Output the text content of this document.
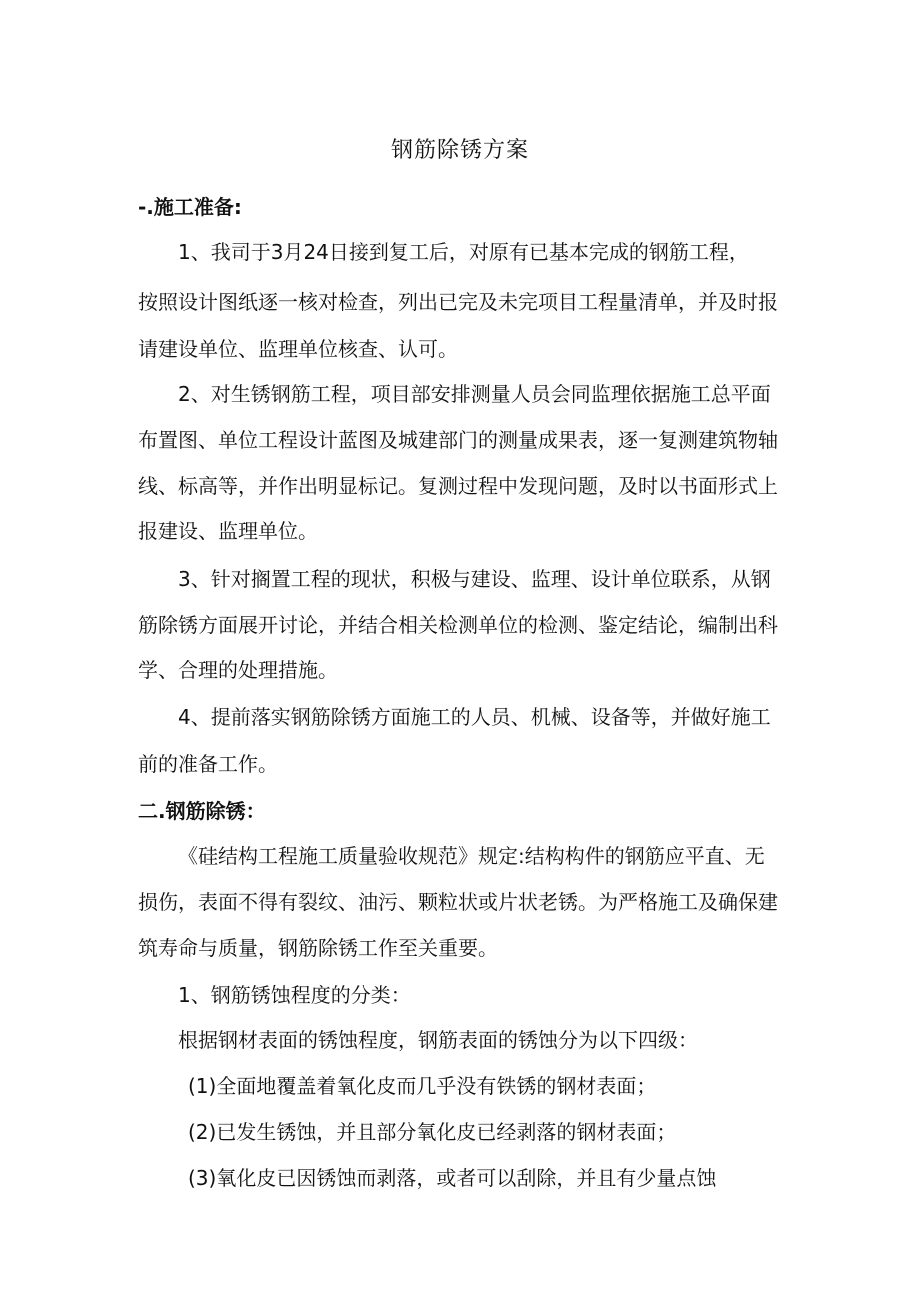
钢筋除锈方案
-.施工准备:
1、我司于3月24日接到复工后，对原有已基本完成的钢筋工程，
按照设计图纸逐一核对检查，列出已完及未完项目工程量清单，并及时报
请建设单位、监理单位核查、认可。
2、对生锈钢筋工程，项目部安排测量人员会同监理依据施工总平面
布置图、单位工程设计蓝图及城建部门的测量成果表，逐一复测建筑物轴
线、标高等，并作出明显标记。复测过程中发现问题，及时以书面形式上
报建设、监理单位。
3、针对搁置工程的现状，积极与建设、监理、设计单位联系，从钢
筋除锈方面展开讨论，并结合相关检测单位的检测、鉴定结论，编制出科
学、合理的处理措施。
4、提前落实钢筋除锈方面施工的人员、机械、设备等，并做好施工
前的准备工作。
二.钢筋除锈：
《硅结构工程施工质量验收规范》规定:结构构件的钢筋应平直、无
损伤，表面不得有裂纹、油污、颗粒状或片状老锈。为严格施工及确保建
筑寿命与质量，钢筋除锈工作至关重要。
1、钢筋锈蚀程度的分类：
根据钢材表面的锈蚀程度，钢筋表面的锈蚀分为以下四级：
(1)全面地覆盖着氧化皮而几乎没有铁锈的钢材表面；
(2)已发生锈蚀，并且部分氧化皮已经剥落的钢材表面；
(3)氧化皮已因锈蚀而剥落，或者可以刮除，并且有少量点蚀
